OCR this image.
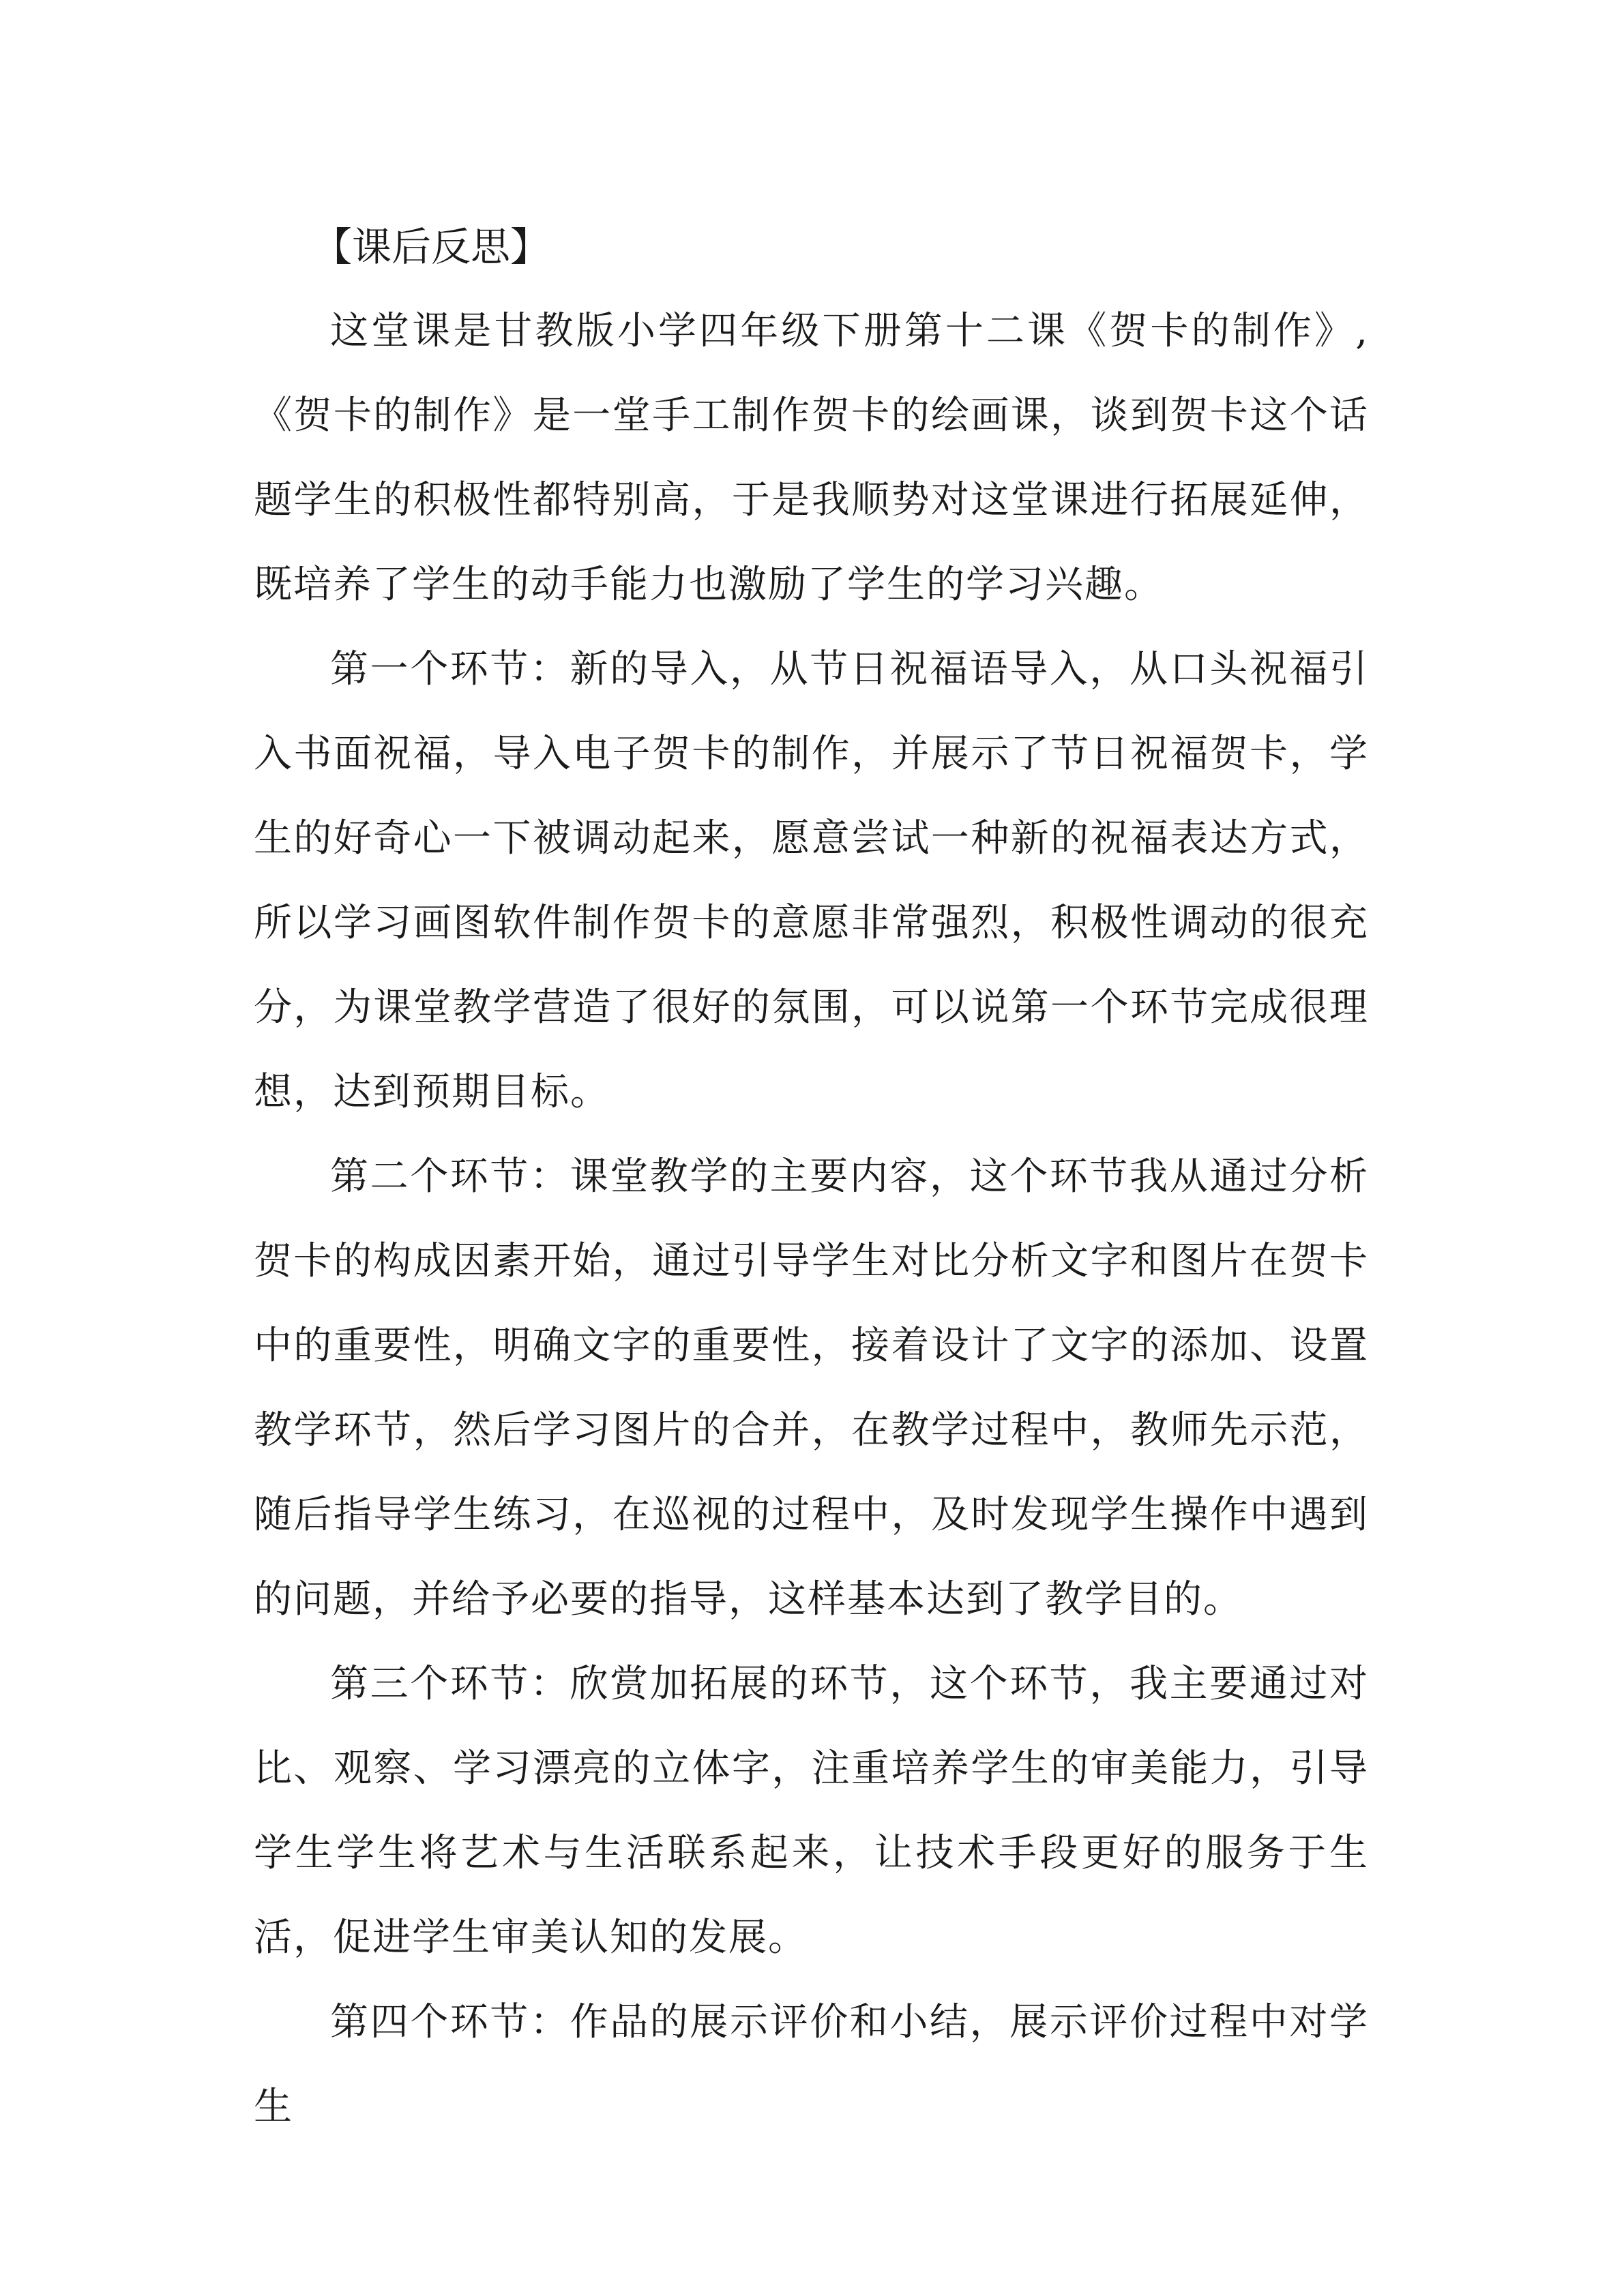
【课后反思】

这堂课是甘教版小学四年级下册第十二课《贺卡的制作》,《贺卡的制作》是一堂手工制作贺卡的绘画课，谈到贺卡这个话题学生的积极性都特别高，于是我顺势对这堂课进行拓展延伸，既培养了学生的动手能力也激励了学生的学习兴趣。

第一个环节：新的导入，从节日祝福语导入，从口头祝福引入书面祝福，导入电子贺卡的制作，并展示了节日祝福贺卡，学生的好奇心一下被调动起来，愿意尝试一种新的祝福表达方式，所以学习画图软件制作贺卡的意愿非常强烈，积极性调动的很充分，为课堂教学营造了很好的氛围，可以说第一个环节完成很理想，达到预期目标。

第二个环节：课堂教学的主要内容，这个环节我从通过分析贺卡的构成因素开始，通过引导学生对比分析文字和图片在贺卡中的重要性，明确文字的重要性，接着设计了文字的添加、设置教学环节，然后学习图片的合并，在教学过程中，教师先示范，随后指导学生练习，在巡视的过程中，及时发现学生操作中遇到的问题，并给予必要的指导，这样基本达到了教学目的。

第三个环节：欣赏加拓展的环节，这个环节，我主要通过对比、观察、学习漂亮的立体字，注重培养学生的审美能力，引导学生学生将艺术与生活联系起来，让技术手段更好的服务于生活，促进学生审美认知的发展。

第四个环节：作品的展示评价和小结，展示评价过程中对学生
